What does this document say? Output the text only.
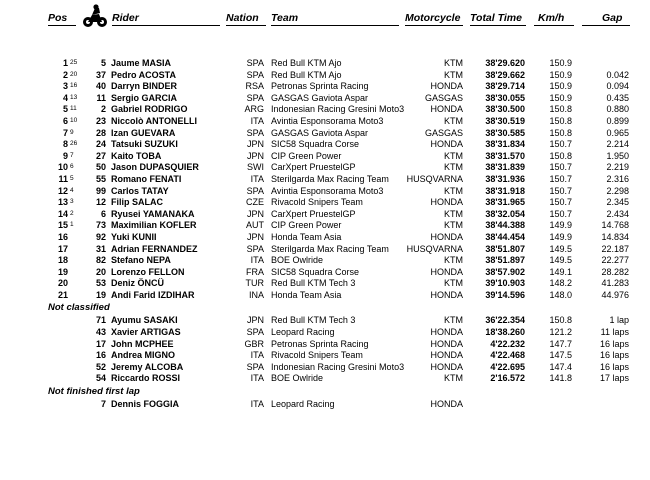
Pos	Rider	Nation Team	Motorcycle Total Time Km/h	Gap
1 25	5 Jaume MASIA	SPA Red Bull KTM Ajo	KTM	38'29.620	150.9
2 20	37 Pedro ACOSTA	SPA Red Bull KTM Ajo	KTM	38'29.662	150.9	0.042
3 16	40 Darryn BINDER	RSA Petronas Sprinta Racing	HONDA	38'29.714	150.9	0.094
4 13	11 Sergio GARCIA	SPA GASGAS Gaviota Aspar	GASGAS	38'30.055	150.9	0.435
5 11	2 Gabriel RODRIGO	ARG Indonesian Racing Gresini Moto3	HONDA	38'30.500	150.8	0.880
6 10	23 Niccolò ANTONELLI	ITA Avintia Esponsorama Moto3	KTM	38'30.519	150.8	0.899
7 9	28 Izan GUEVARA	SPA GASGAS Gaviota Aspar	GASGAS	38'30.585	150.8	0.965
8 26	24 Tatsuki SUZUKI	JPN SIC58 Squadra Corse	HONDA	38'31.834	150.7	2.214
9 7	27 Kaito TOBA	JPN CIP Green Power	KTM	38'31.570	150.8	1.950
10 6	50 Jason DUPASQUIER	SWI CarXpert PruestelGP	KTM	38'31.839	150.7	2.219
11 5	55 Romano FENATI	ITA Sterilgarda Max Racing Team	HUSQVARNA	38'31.936	150.7	2.316
12 4	99 Carlos TATAY	SPA Avintia Esponsorama Moto3	KTM	38'31.918	150.7	2.298
13 3	12 Filip SALAC	CZE Rivacold Snipers Team	HONDA	38'31.965	150.7	2.345
14 2	6 Ryusei YAMANAKA	JPN CarXpert PruestelGP	KTM	38'32.054	150.7	2.434
15 1	73 Maximilian KOFLER	AUT CIP Green Power	KTM	38'44.388	149.9	14.768
16	92 Yuki KUNII	JPN Honda Team Asia	HONDA	38'44.454	149.9	14.834
17	31 Adrian FERNANDEZ	SPA Sterilgarda Max Racing Team	HUSQVARNA	38'51.807	149.5	22.187
18	82 Stefano NEPA	ITA BOE Owlride	KTM	38'51.897	149.5	22.277
19	20 Lorenzo FELLON	FRA SIC58 Squadra Corse	HONDA	38'57.902	149.1	28.282
20	53 Deniz ÖNCÜ	TUR Red Bull KTM Tech 3	KTM	39'10.903	148.2	41.283
21	19 Andi Farid IZDIHAR	INA Honda Team Asia	HONDA	39'14.596	148.0	44.976
Not classified
71 Ayumu SASAKI	JPN Red Bull KTM Tech 3	KTM	36'22.354	150.8	1 lap
43 Xavier ARTIGAS	SPA Leopard Racing	HONDA	18'38.260	121.2	11 laps
17 John MCPHEE	GBR Petronas Sprinta Racing	HONDA	4'22.232	147.7	16 laps
16 Andrea MIGNO	ITA Rivacold Snipers Team	HONDA	4'22.468	147.5	16 laps
52 Jeremy ALCOBA	SPA Indonesian Racing Gresini Moto3	HONDA	4'22.695	147.4	16 laps
54 Riccardo ROSSI	ITA BOE Owlride	KTM	2'16.572	141.8	17 laps
Not finished first lap
7 Dennis FOGGIA	ITA Leopard Racing	HONDA
